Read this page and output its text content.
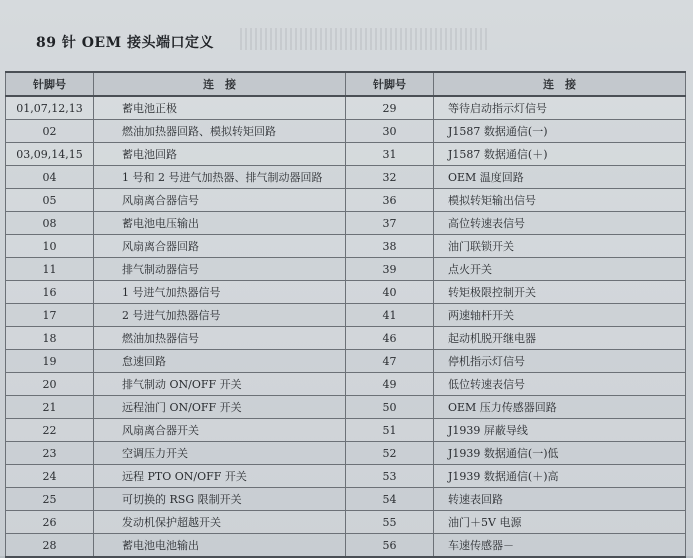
89 针 OEM 接头端口定义
针脚号	连　接	针脚号	连　接
01,07,12,13	蓄电池正极	29	等待启动指示灯信号
02	燃油加热器回路、模拟转矩回路	30	J1587 数据通信(一)
03,09,14,15	蓄电池回路	31	J1587 数据通信(＋)
04	1 号和 2 号进气加热器、排气制动器回路	32	OEM 温度回路
05	风扇离合器信号	36	模拟转矩输出信号
08	蓄电池电压输出	37	高位转速表信号
10	风扇离合器回路	38	油门联锁开关
11	排气制动器信号	39	点火开关
16	1 号进气加热器信号	40	转矩极限控制开关
17	2 号进气加热器信号	41	两速轴杆开关
18	燃油加热器信号	46	起动机脱开继电器
19	怠速回路	47	停机指示灯信号
20	排气制动 ON/OFF 开关	49	低位转速表信号
21	远程油门 ON/OFF 开关	50	OEM 压力传感器回路
22	风扇离合器开关	51	J1939 屏蔽导线
23	空调压力开关	52	J1939 数据通信(一)低
24	远程 PTO ON/OFF 开关	53	J1939 数据通信(＋)高
25	可切换的 RSG 限制开关	54	转速表回路
26	发动机保护超越开关	55	油门＋5V 电源
28	蓄电池电池输出	56	车速传感器－
